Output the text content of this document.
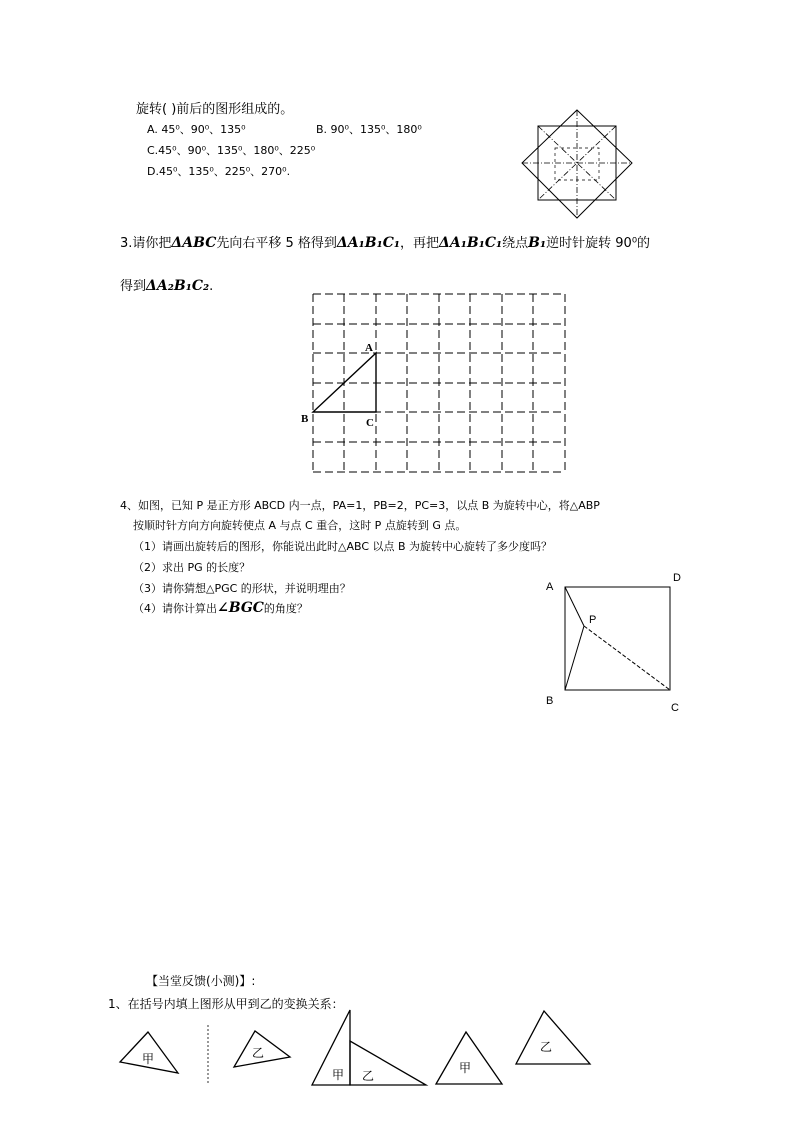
旋转( )前后的图形组成的。
A. 45⁰、90⁰、135⁰	B. 90⁰、135⁰、180⁰
C.45⁰、90⁰、135⁰、180⁰、225⁰
D.45⁰、135⁰、225⁰、270⁰.
3.请你把ΔABC先向右平移 5 格得到ΔA₁B₁C₁，再把ΔA₁B₁C₁绕点B₁逆时针旋转 90⁰的
得到ΔA₂B₁C₂.
A
B	C
4、如图，已知 P 是正方形 ABCD 内一点，PA=1，PB=2，PC=3，以点 B 为旋转中心，将△ABP
按顺时针方向方向旋转使点 A 与点 C 重合，这时 P 点旋转到 G 点。
（1）请画出旋转后的图形，你能说出此时△ABC 以点 B 为旋转中心旋转了多少度吗？
（2）求出 PG 的长度？
（3）请你猜想△PGC 的形状，并说明理由？
（4）请你计算出∠BGC的角度？
A
D
B
C
P
【当堂反馈(小测)】:
1、在括号内填上图形从甲到乙的变换关系：
甲	乙
甲 乙
甲
乙
